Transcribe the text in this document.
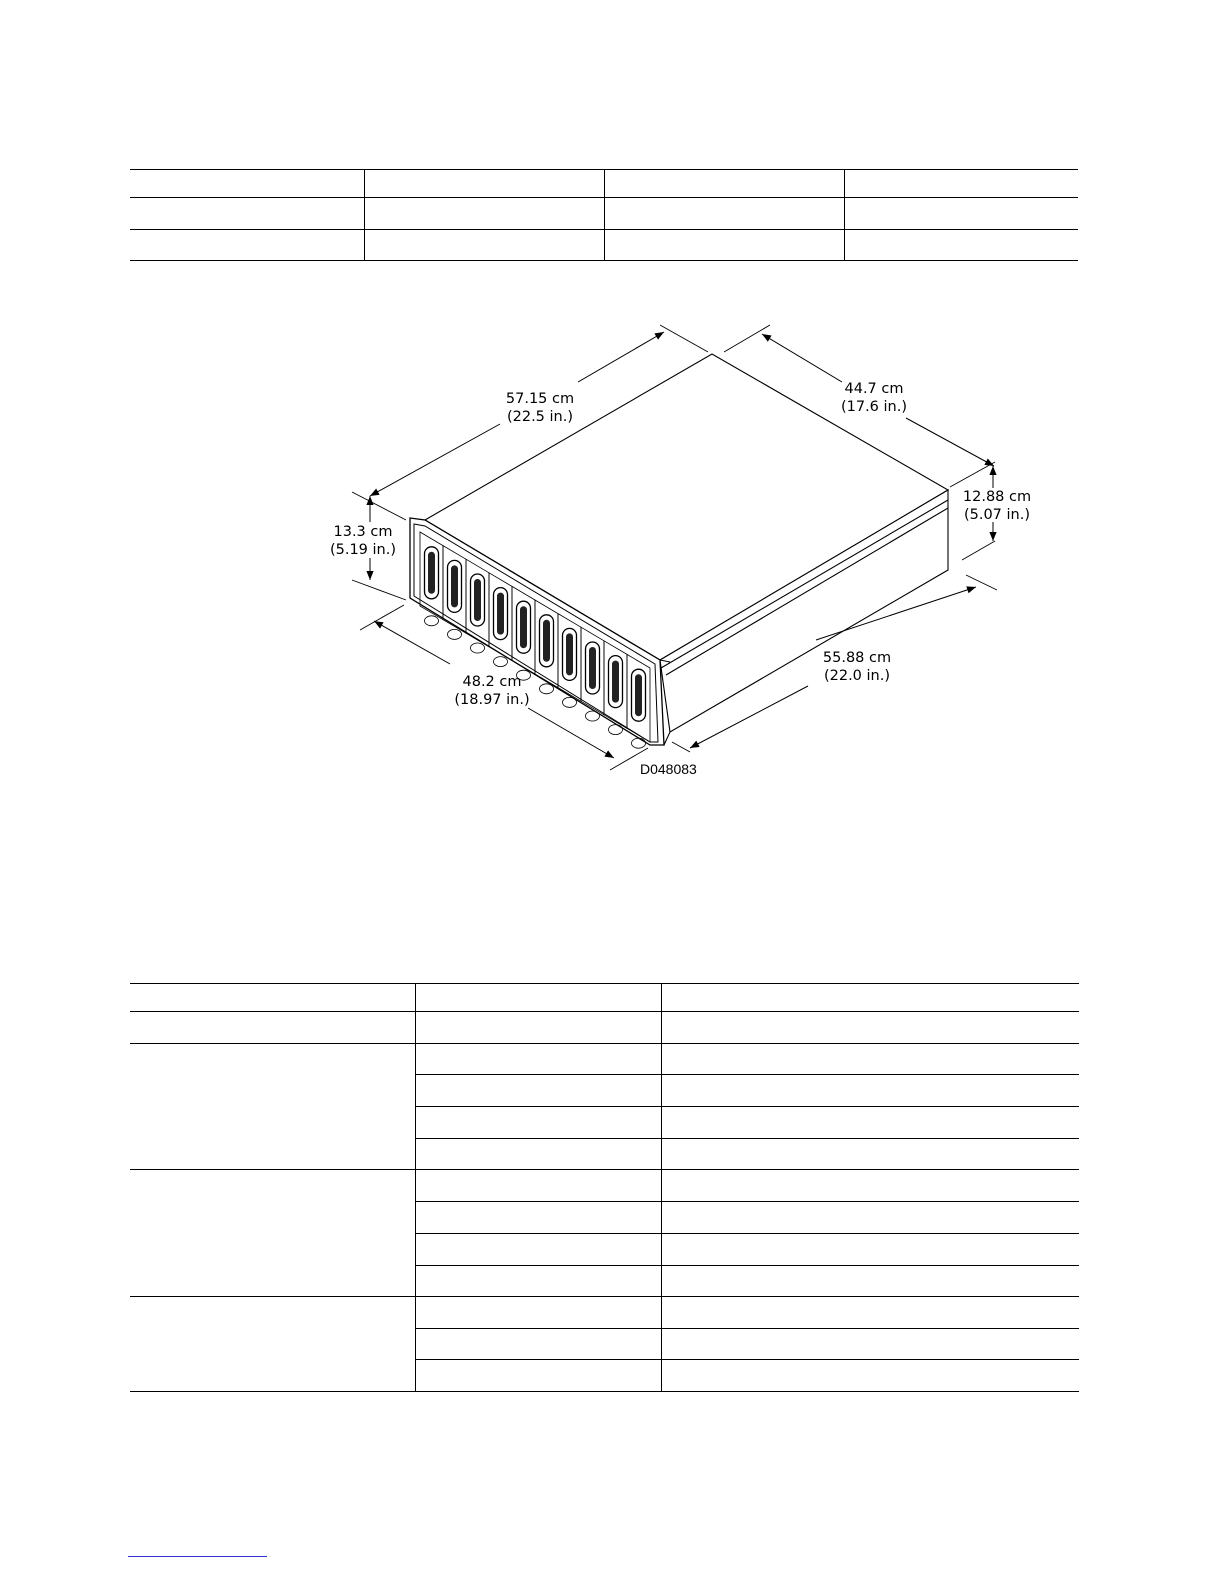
57.15 cm
(22.5 in.)
44.7 cm
(17.6 in.)
12.88 cm
(5.07 in.)
13.3 cm
(5.19 in.)
48.2 cm
(18.97 in.)
55.88 cm
(22.0 in.)
D048083
